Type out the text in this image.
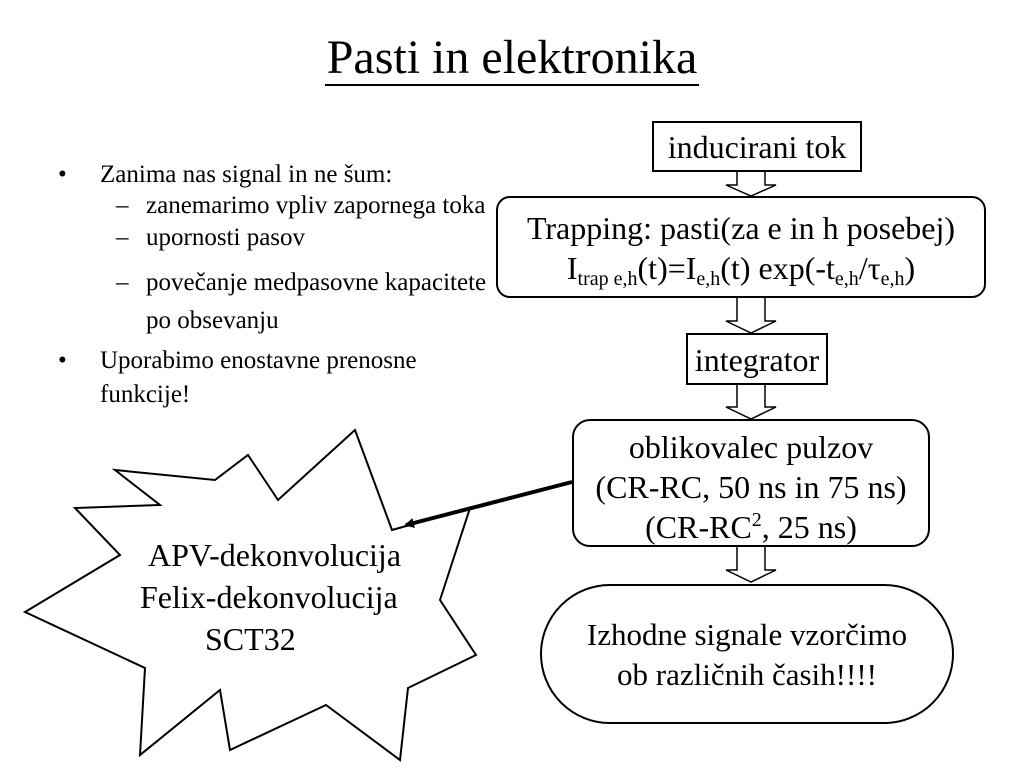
Pasti in elektronika
• Zanima nas signal in ne šum:
– zanemarimo vpliv zapornega toka
– upornosti pasov
– povečanje medpasovne kapacitete po obsevanju
• Uporabimo enostavne prenosne funkcije!
inducirani tok
Trapping: pasti(za e in h posebej)
$I_{trap e,h}(t)=I_{e,h}(t)$ $\exp(-t_{e,h}/\tau_{e,h})$
integrator
oblikovalec pulzov
(CR-RC, 50 ns in 75 ns)
($CR-RC^2$, 25 ns)
Izhodne signale vzorčimo
ob različnih časih!!!!
APV-dekonvolucija
Felix-dekonvolucija
SCT32
